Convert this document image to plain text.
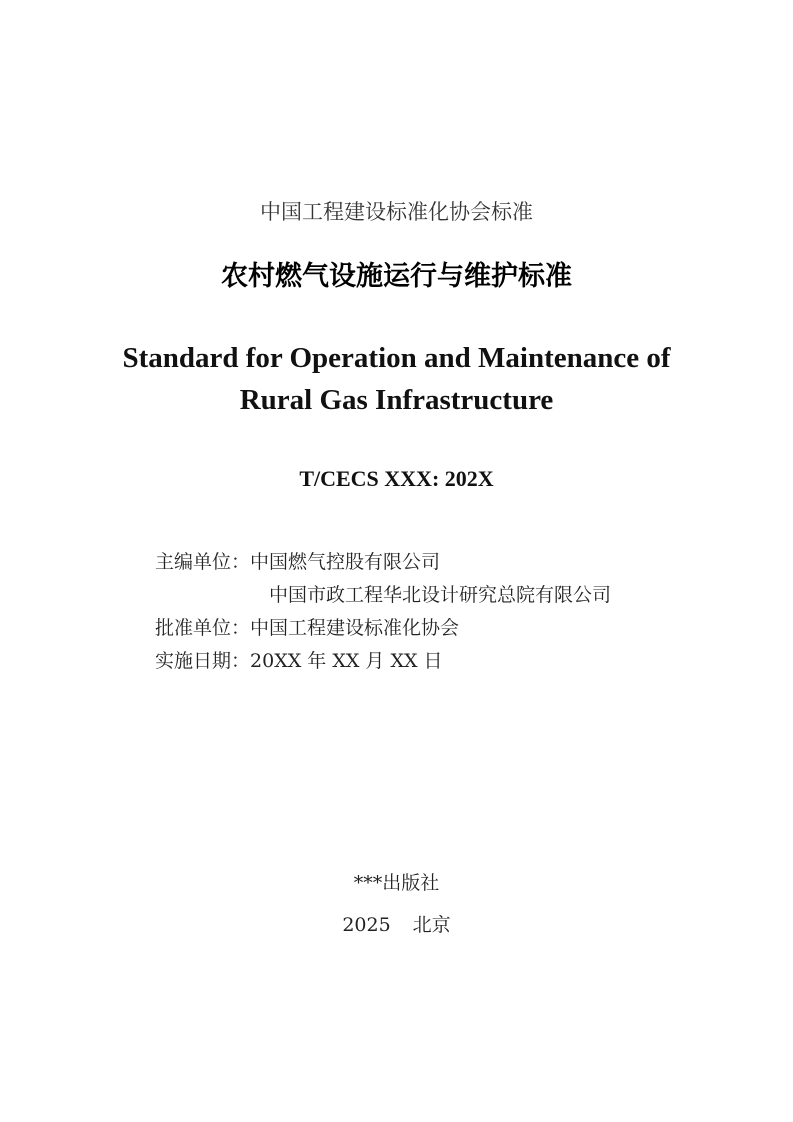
中国工程建设标准化协会标准
农村燃气设施运行与维护标准
Standard for Operation and Maintenance of
Rural Gas Infrastructure
T/CECS XXX: 202X
主编单位：中国燃气控股有限公司
中国市政工程华北设计研究总院有限公司
批准单位：中国工程建设标准化协会
实施日期：20XX 年 XX 月 XX 日
***出版社
2025 北京
